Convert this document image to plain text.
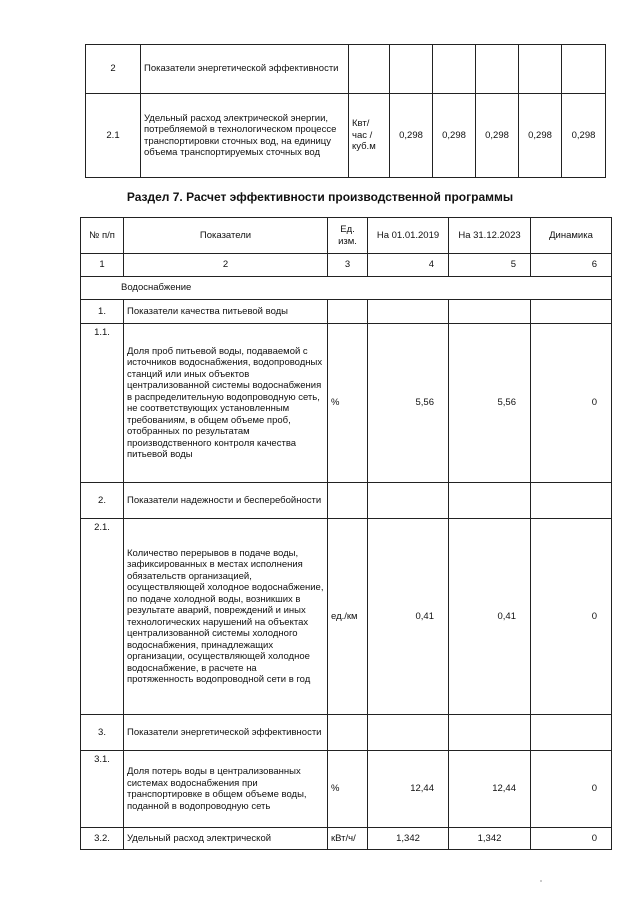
2	Показатели энергетической эффективности						
2.1	Удельный расход электрической энергии, потребляемой в технологическом процессе транспортировки сточных вод, на единицу объема транспортируемых сточных вод	Квт/ час /куб.м	0,298	0,298	0,298	0,298	0,298
Раздел 7. Расчет эффективности производственной программы
№ п/п	Показатели	Ед. изм.	На 01.01.2019	На 31.12.2023	Динамика
1	2	3	4	5	6
Водоснабжение					
1.	Показатели качества питьевой воды				
1.1.	Доля проб питьевой воды, подаваемой с источников водоснабжения, водопроводных станций или иных объектов централизованной системы водоснабжения в распределительную водопроводную сеть, не соответствующих установленным требованиям, в общем объеме проб, отобранных по результатам производственного контроля качества питьевой воды	%	5,56	5,56	0
2.	Показатели надежности и бесперебойности				
2.1.	Количество перерывов в подаче воды, зафиксированных в местах исполнения обязательств организацией, осуществляющей холодное водоснабжение, по подаче холодной воды, возникших в результате аварий, повреждений и иных технологических нарушений на объектах централизованной системы холодного водоснабжения, принадлежащих организации, осуществляющей холодное водоснабжение, в расчете на протяженность водопроводной сети в год	ед./км	0,41	0,41	0
3.	Показатели энергетической эффективности				
3.1.	Доля потерь воды в централизованных системах водоснабжения при транспортировке в общем объеме воды, поданной в водопроводную сеть	%	12,44	12,44	0
3.2.	Удельный расход электрической	кВт/ч/	1,342	1,342	0
